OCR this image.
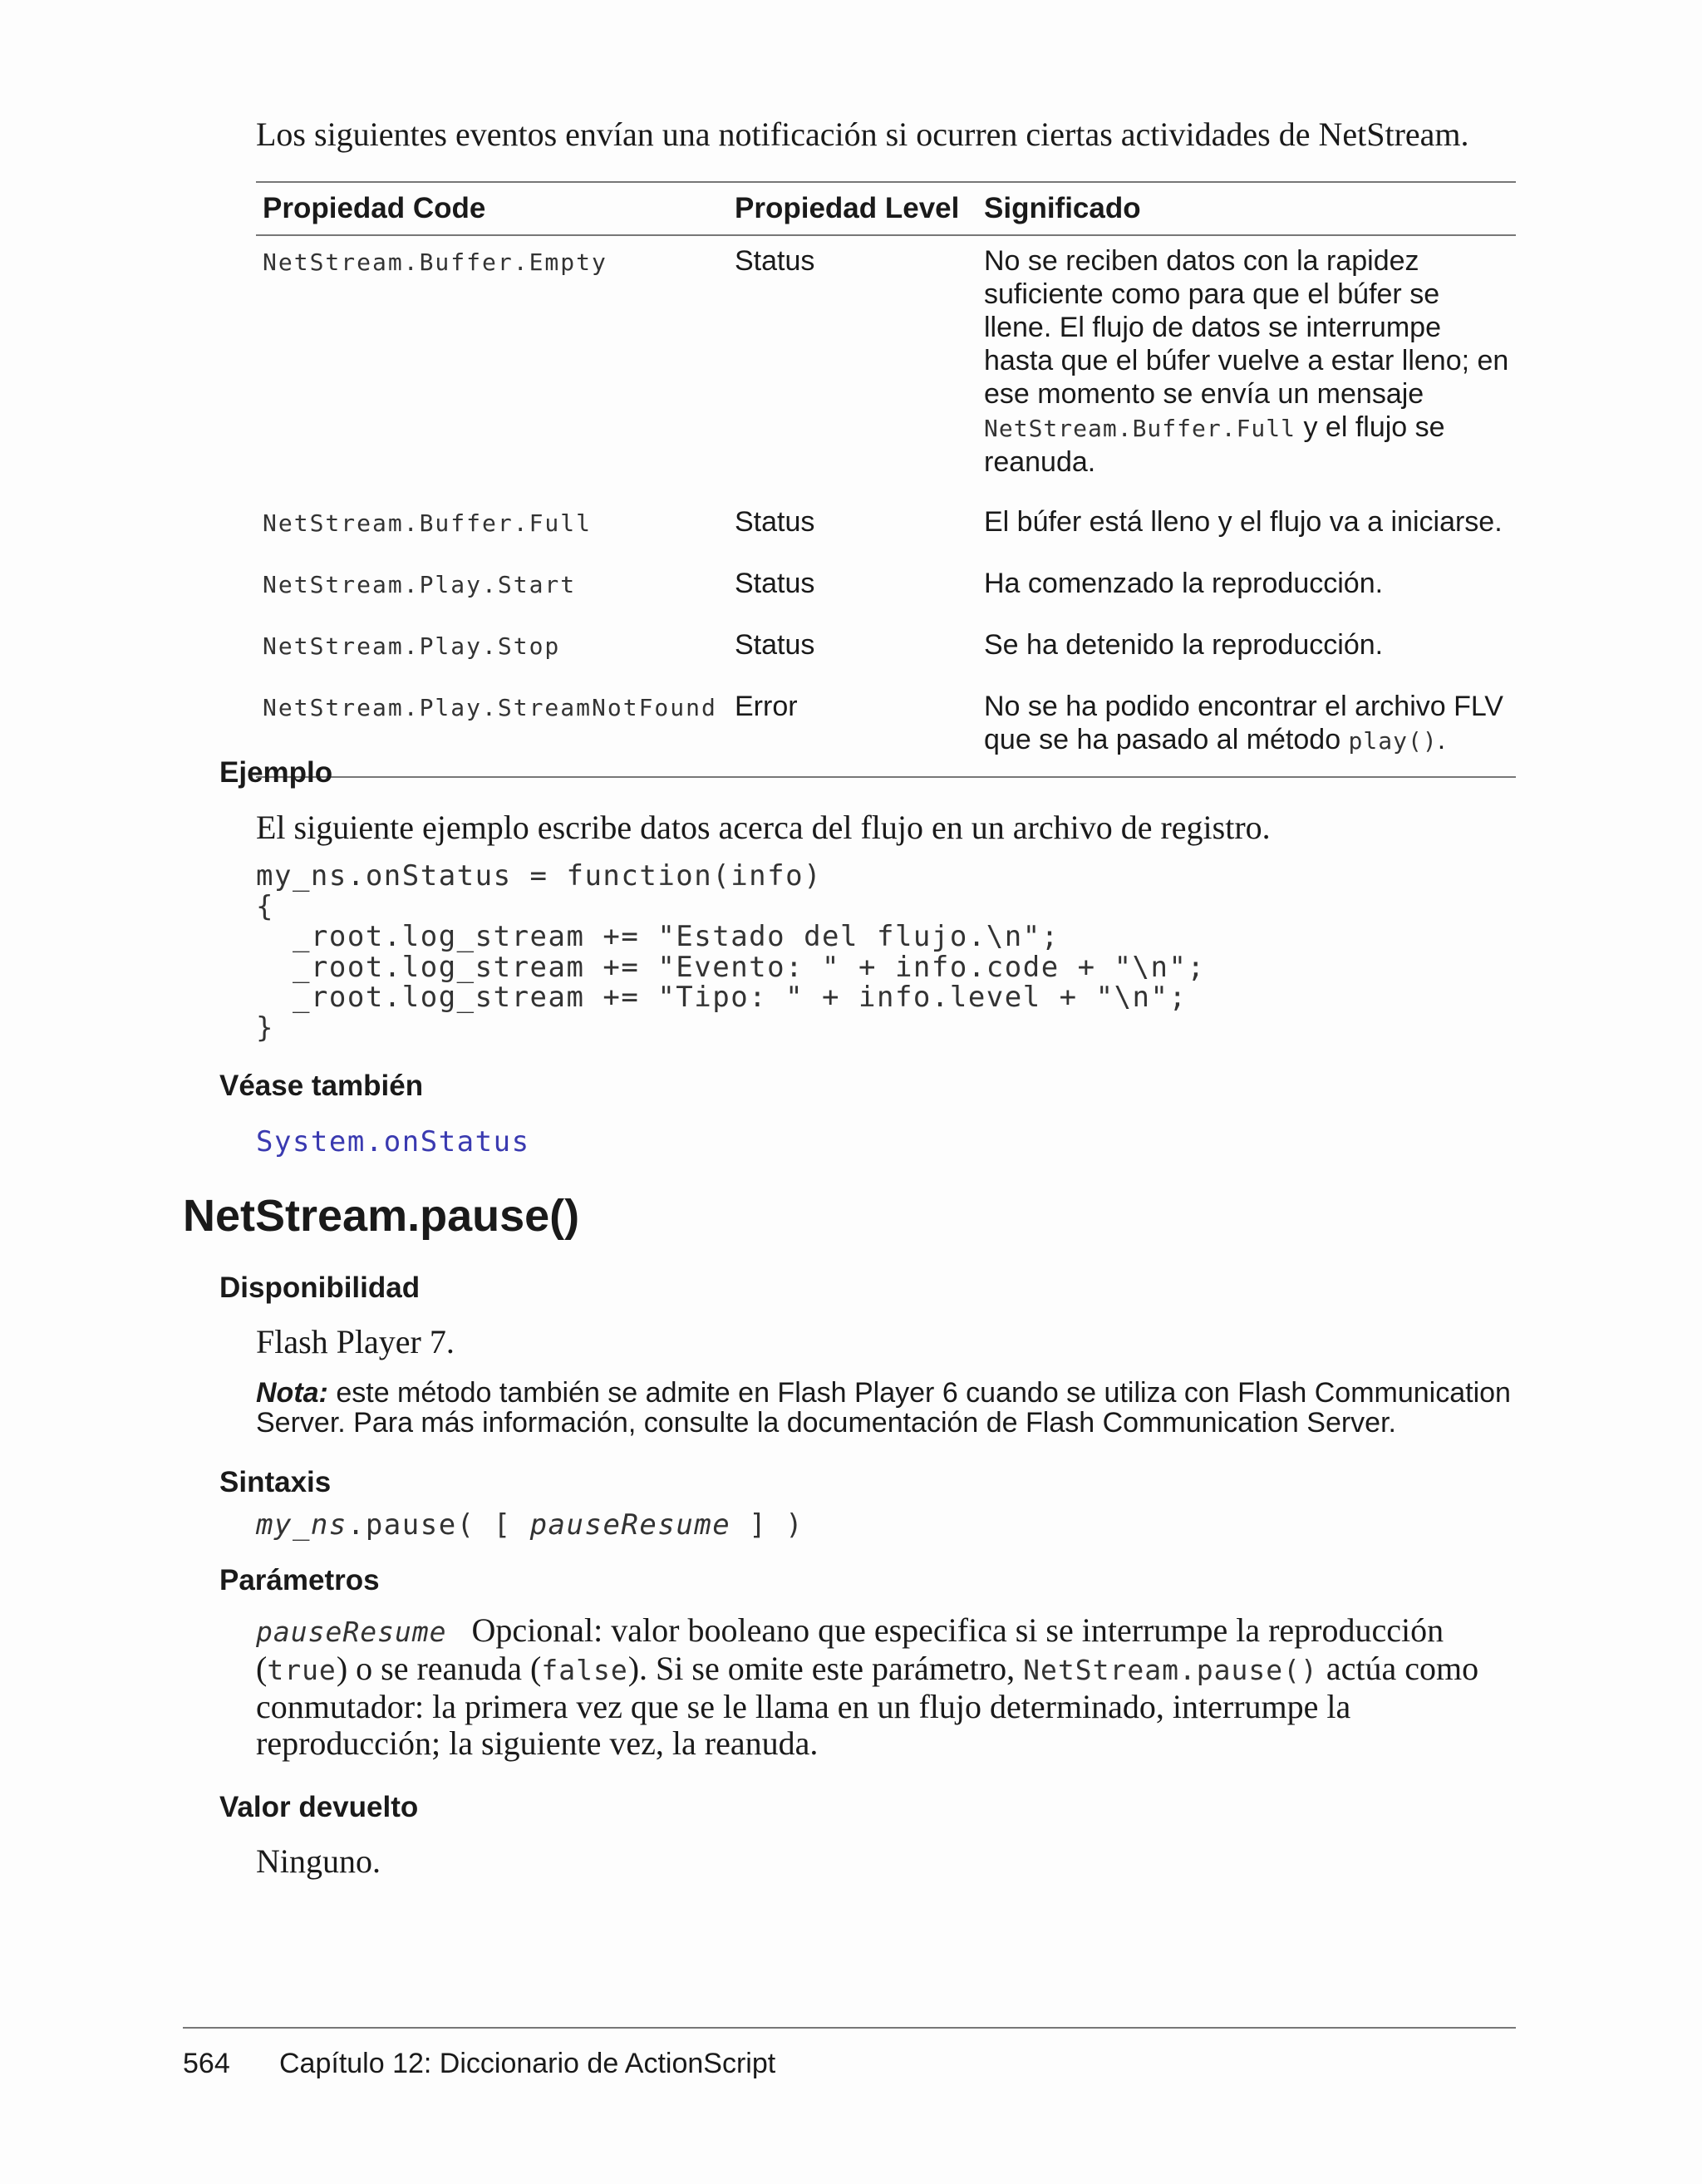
Los siguientes eventos envían una notificación si ocurren ciertas actividades de NetStream.
Propiedad Code	Propiedad Level	Significado
NetStream.Buffer.Empty	Status	No se reciben datos con la rapidez suficiente como para que el búfer se llene. El flujo de datos se interrumpe hasta que el búfer vuelve a estar lleno; en ese momento se envía un mensaje NetStream.Buffer.Full y el flujo se reanuda.
NetStream.Buffer.Full	Status	El búfer está lleno y el flujo va a iniciarse.
NetStream.Play.Start	Status	Ha comenzado la reproducción.
NetStream.Play.Stop	Status	Se ha detenido la reproducción.
NetStream.Play.StreamNotFound	Error	No se ha podido encontrar el archivo FLV que se ha pasado al método play().
Ejemplo
El siguiente ejemplo escribe datos acerca del flujo en un archivo de registro.
my_ns.onStatus = function(info)
{
_root.log_stream += "Estado del flujo.\n";
_root.log_stream += "Evento: " + info.code + "\n";
_root.log_stream += "Tipo: " + info.level + "\n";
}
Véase también
System.onStatus
NetStream.pause()
Disponibilidad
Flash Player 7.
Nota: este método también se admite en Flash Player 6 cuando se utiliza con Flash Communication Server. Para más información, consulte la documentación de Flash Communication Server.
Sintaxis
my_ns.pause( [ pauseResume ] )
Parámetros
pauseResume   Opcional: valor booleano que especifica si se interrumpe la reproducción (true) o se reanuda (false). Si se omite este parámetro, NetStream.pause() actúa como conmutador: la primera vez que se le llama en un flujo determinado, interrumpe la reproducción; la siguiente vez, la reanuda.
Valor devuelto
Ninguno.
564 Capítulo 12: Diccionario de ActionScript
